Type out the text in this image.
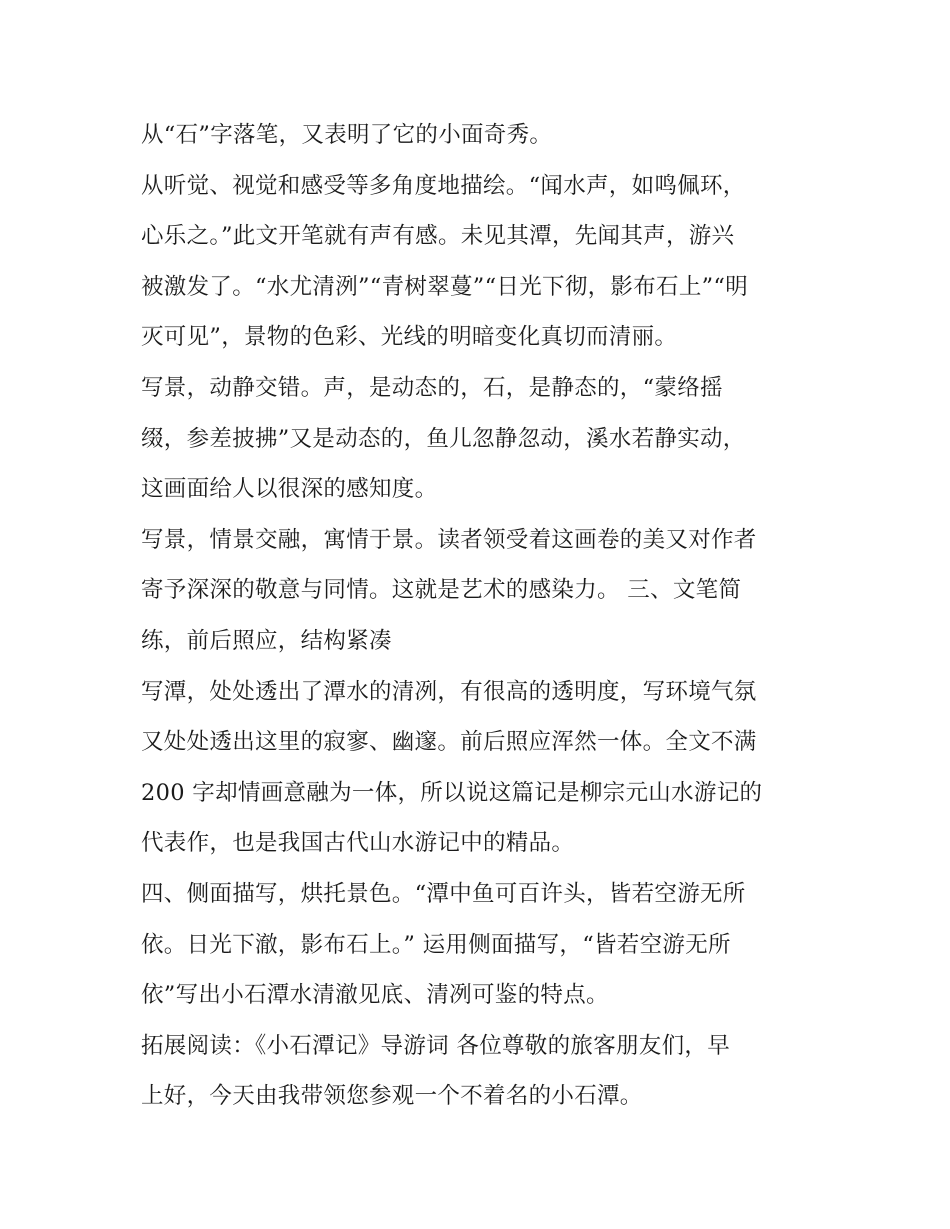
从“石”字落笔，又表明了它的小面奇秀。
从听觉、视觉和感受等多角度地描绘。“闻水声，如鸣佩环，
心乐之。”此文开笔就有声有感。未见其潭，先闻其声，游兴
被激发了。“水尤清洌”“青树翠蔓”“日光下彻，影布石上”“明
灭可见”，景物的色彩、光线的明暗变化真切而清丽。
写景，动静交错。声，是动态的，石，是静态的，“蒙络摇
缀，参差披拂”又是动态的，鱼儿忽静忽动，溪水若静实动，
这画面给人以很深的感知度。
写景，情景交融，寓情于景。读者领受着这画卷的美又对作者
寄予深深的敬意与同情。这就是艺术的感染力。 三、文笔简
练，前后照应，结构紧凑
写潭，处处透出了潭水的清冽，有很高的透明度，写环境气氛
又处处透出这里的寂寥、幽邃。前后照应浑然一体。全文不满
200 字却情画意融为一体，所以说这篇记是柳宗元山水游记的
代表作，也是我国古代山水游记中的精品。
四、侧面描写，烘托景色。“潭中鱼可百许头，皆若空游无所
依。日光下澈，影布石上。” 运用侧面描写，“皆若空游无所
依”写出小石潭水清澈见底、清冽可鉴的特点。
拓展阅读：《小石潭记》导游词 各位尊敬的旅客朋友们，早
上好，今天由我带领您参观一个不着名的小石潭。
